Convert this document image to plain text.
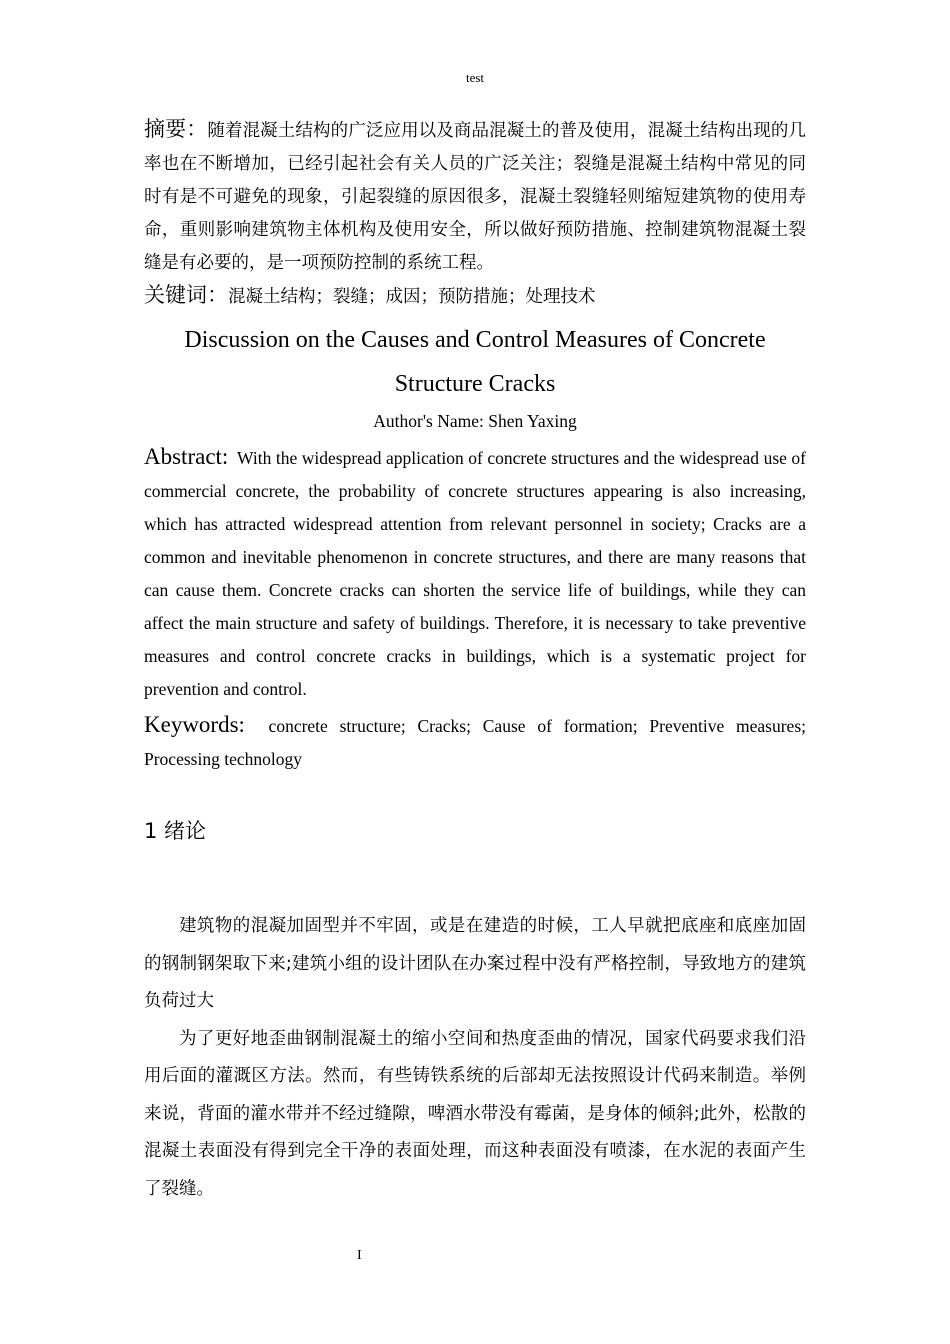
test

摘要：随着混凝土结构的广泛应用以及商品混凝土的普及使用，混凝土结构出现的几率也在不断增加，已经引起社会有关人员的广泛关注；裂缝是混凝土结构中常见的同时有是不可避免的现象，引起裂缝的原因很多，混凝土裂缝轻则缩短建筑物的使用寿命，重则影响建筑物主体机构及使用安全，所以做好预防措施、控制建筑物混凝土裂缝是有必要的，是一项预防控制的系统工程。

关键词：混凝土结构；裂缝；成因；预防措施；处理技术

Discussion on the Causes and Control Measures of Concrete
Structure Cracks
Author's Name: Shen Yaxing

Abstract: With the widespread application of concrete structures and the widespread use of commercial concrete, the probability of concrete structures appearing is also increasing, which has attracted widespread attention from relevant personnel in society; Cracks are a common and inevitable phenomenon in concrete structures, and there are many reasons that can cause them. Concrete cracks can shorten the service life of buildings, while they can affect the main structure and safety of buildings. Therefore, it is necessary to take preventive measures and control concrete cracks in buildings, which is a systematic project for prevention and control.

Keywords: concrete structure; Cracks; Cause of formation; Preventive measures; Processing technology

1 绪论

建筑物的混凝加固型并不牢固，或是在建造的时候，工人早就把底座和底座加固的钢制钢架取下来;建筑小组的设计团队在办案过程中没有严格控制，导致地方的建筑负荷过大

为了更好地歪曲钢制混凝土的缩小空间和热度歪曲的情况，国家代码要求我们沿用后面的灌溉区方法。然而，有些铸铁系统的后部却无法按照设计代码来制造。举例来说，背面的灌水带并不经过缝隙，啤酒水带没有霉菌，是身体的倾斜;此外，松散的混凝土表面没有得到完全干净的表面处理，而这种表面没有喷漆，在水泥的表面产生了裂缝。

I
